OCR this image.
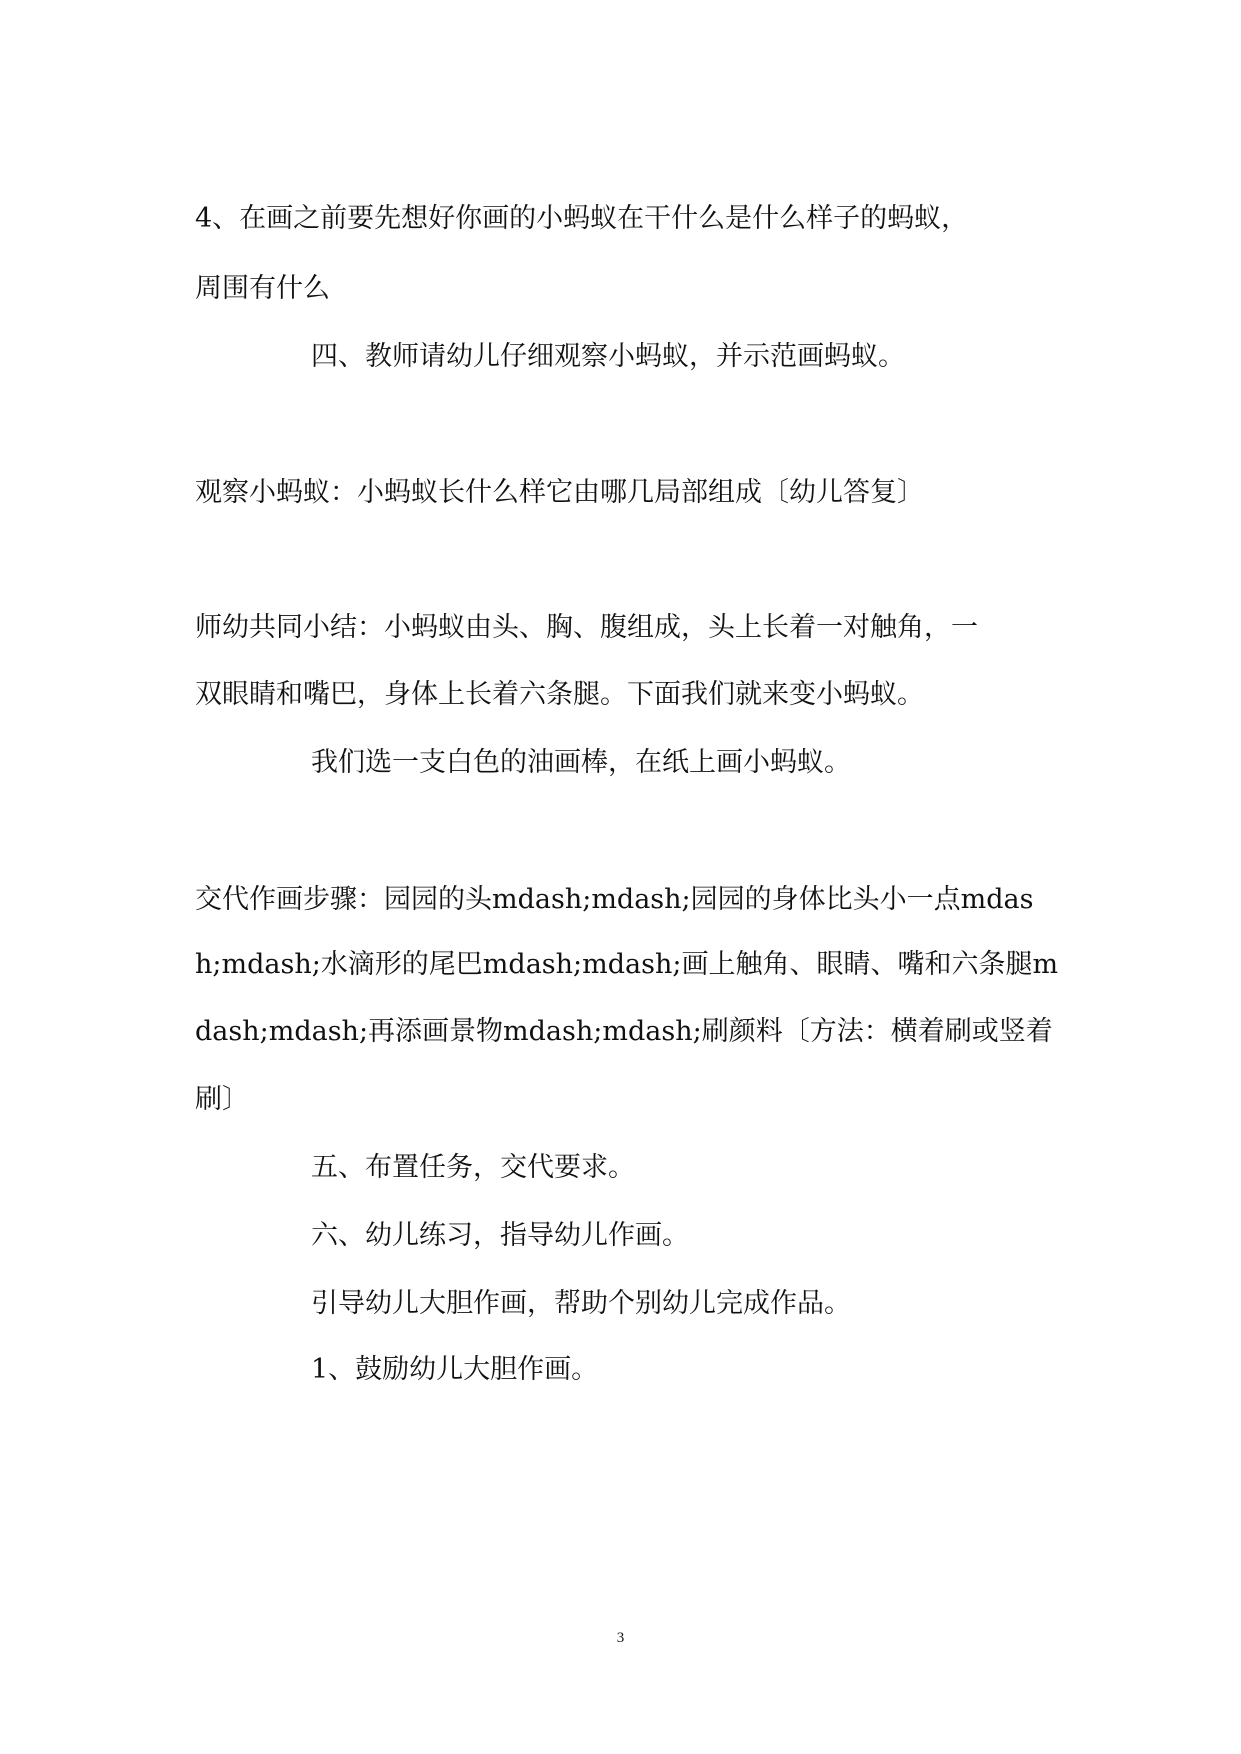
4、在画之前要先想好你画的小蚂蚁在干什么是什么样子的蚂蚁，
周围有什么
四、教师请幼儿仔细观察小蚂蚁，并示范画蚂蚁。
观察小蚂蚁：小蚂蚁长什么样它由哪几局部组成〔幼儿答复〕
师幼共同小结：小蚂蚁由头、胸、腹组成，头上长着一对触角，一
双眼睛和嘴巴，身体上长着六条腿。下面我们就来变小蚂蚁。
我们选一支白色的油画棒，在纸上画小蚂蚁。
交代作画步骤：园园的头mdash;mdash;园园的身体比头小一点mdas
h;mdash;水滴形的尾巴mdash;mdash;画上触角、眼睛、嘴和六条腿m
dash;mdash;再添画景物mdash;mdash;刷颜料〔方法：横着刷或竖着
刷〕
五、布置任务，交代要求。
六、幼儿练习，指导幼儿作画。
引导幼儿大胆作画，帮助个别幼儿完成作品。
1、鼓励幼儿大胆作画。
3
